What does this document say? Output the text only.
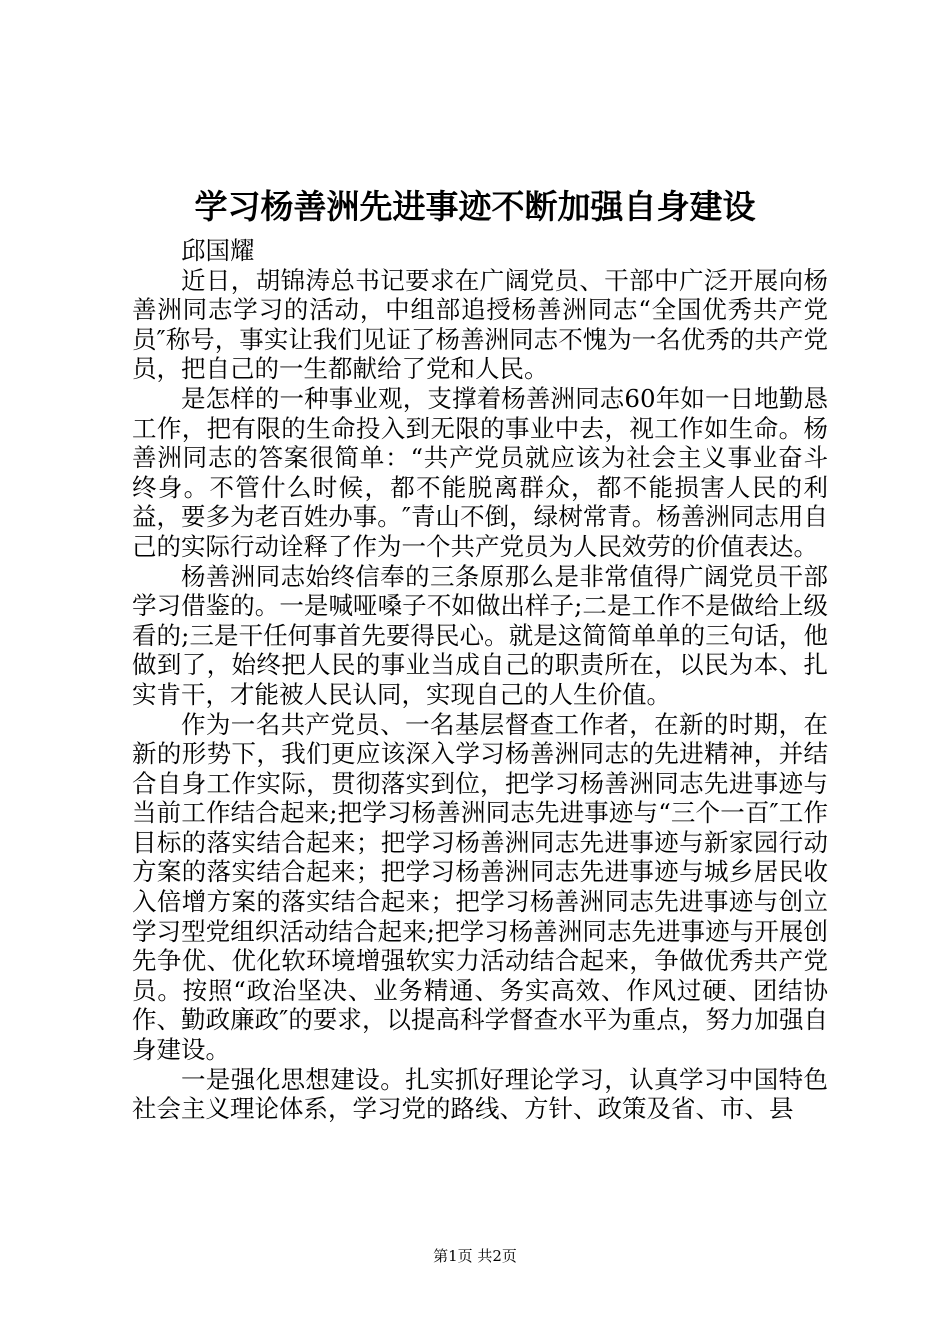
学习杨善洲先进事迹不断加强自身建设

邱国耀

近日，胡锦涛总书记要求在广阔党员、干部中广泛开展向杨善洲同志学习的活动，中组部追授杨善洲同志“全国优秀共产党员″称号，事实让我们见证了杨善洲同志不愧为一名优秀的共产党员，把自己的一生都献给了党和人民。

是怎样的一种事业观，支撑着杨善洲同志60年如一日地勤恳工作，把有限的生命投入到无限的事业中去，视工作如生命。杨善洲同志的答案很简单：“共产党员就应该为社会主义事业奋斗终身。不管什么时候，都不能脱离群众，都不能损害人民的利益，要多为老百姓办事。″青山不倒，绿树常青。杨善洲同志用自己的实际行动诠释了作为一个共产党员为人民效劳的价值表达。

杨善洲同志始终信奉的三条原那么是非常值得广阔党员干部学习借鉴的。一是喊哑嗓子不如做出样子;二是工作不是做给上级看的;三是干任何事首先要得民心。就是这简简单单的三句话，他做到了，始终把人民的事业当成自己的职责所在，以民为本、扎实肯干，才能被人民认同，实现自己的人生价值。

作为一名共产党员、一名基层督查工作者，在新的时期，在新的形势下，我们更应该深入学习杨善洲同志的先进精神，并结合自身工作实际，贯彻落实到位，把学习杨善洲同志先进事迹与当前工作结合起来;把学习杨善洲同志先进事迹与“三个一百″工作目标的落实结合起来；把学习杨善洲同志先进事迹与新家园行动方案的落实结合起来；把学习杨善洲同志先进事迹与城乡居民收入倍增方案的落实结合起来；把学习杨善洲同志先进事迹与创立学习型党组织活动结合起来;把学习杨善洲同志先进事迹与开展创先争优、优化软环境增强软实力活动结合起来，争做优秀共产党员。按照“政治坚决、业务精通、务实高效、作风过硬、团结协作、勤政廉政″的要求，以提高科学督查水平为重点，努力加强自身建设。

一是强化思想建设。扎实抓好理论学习，认真学习中国特色社会主义理论体系，学习党的路线、方针、政策及省、市、县

第1页 共2页
